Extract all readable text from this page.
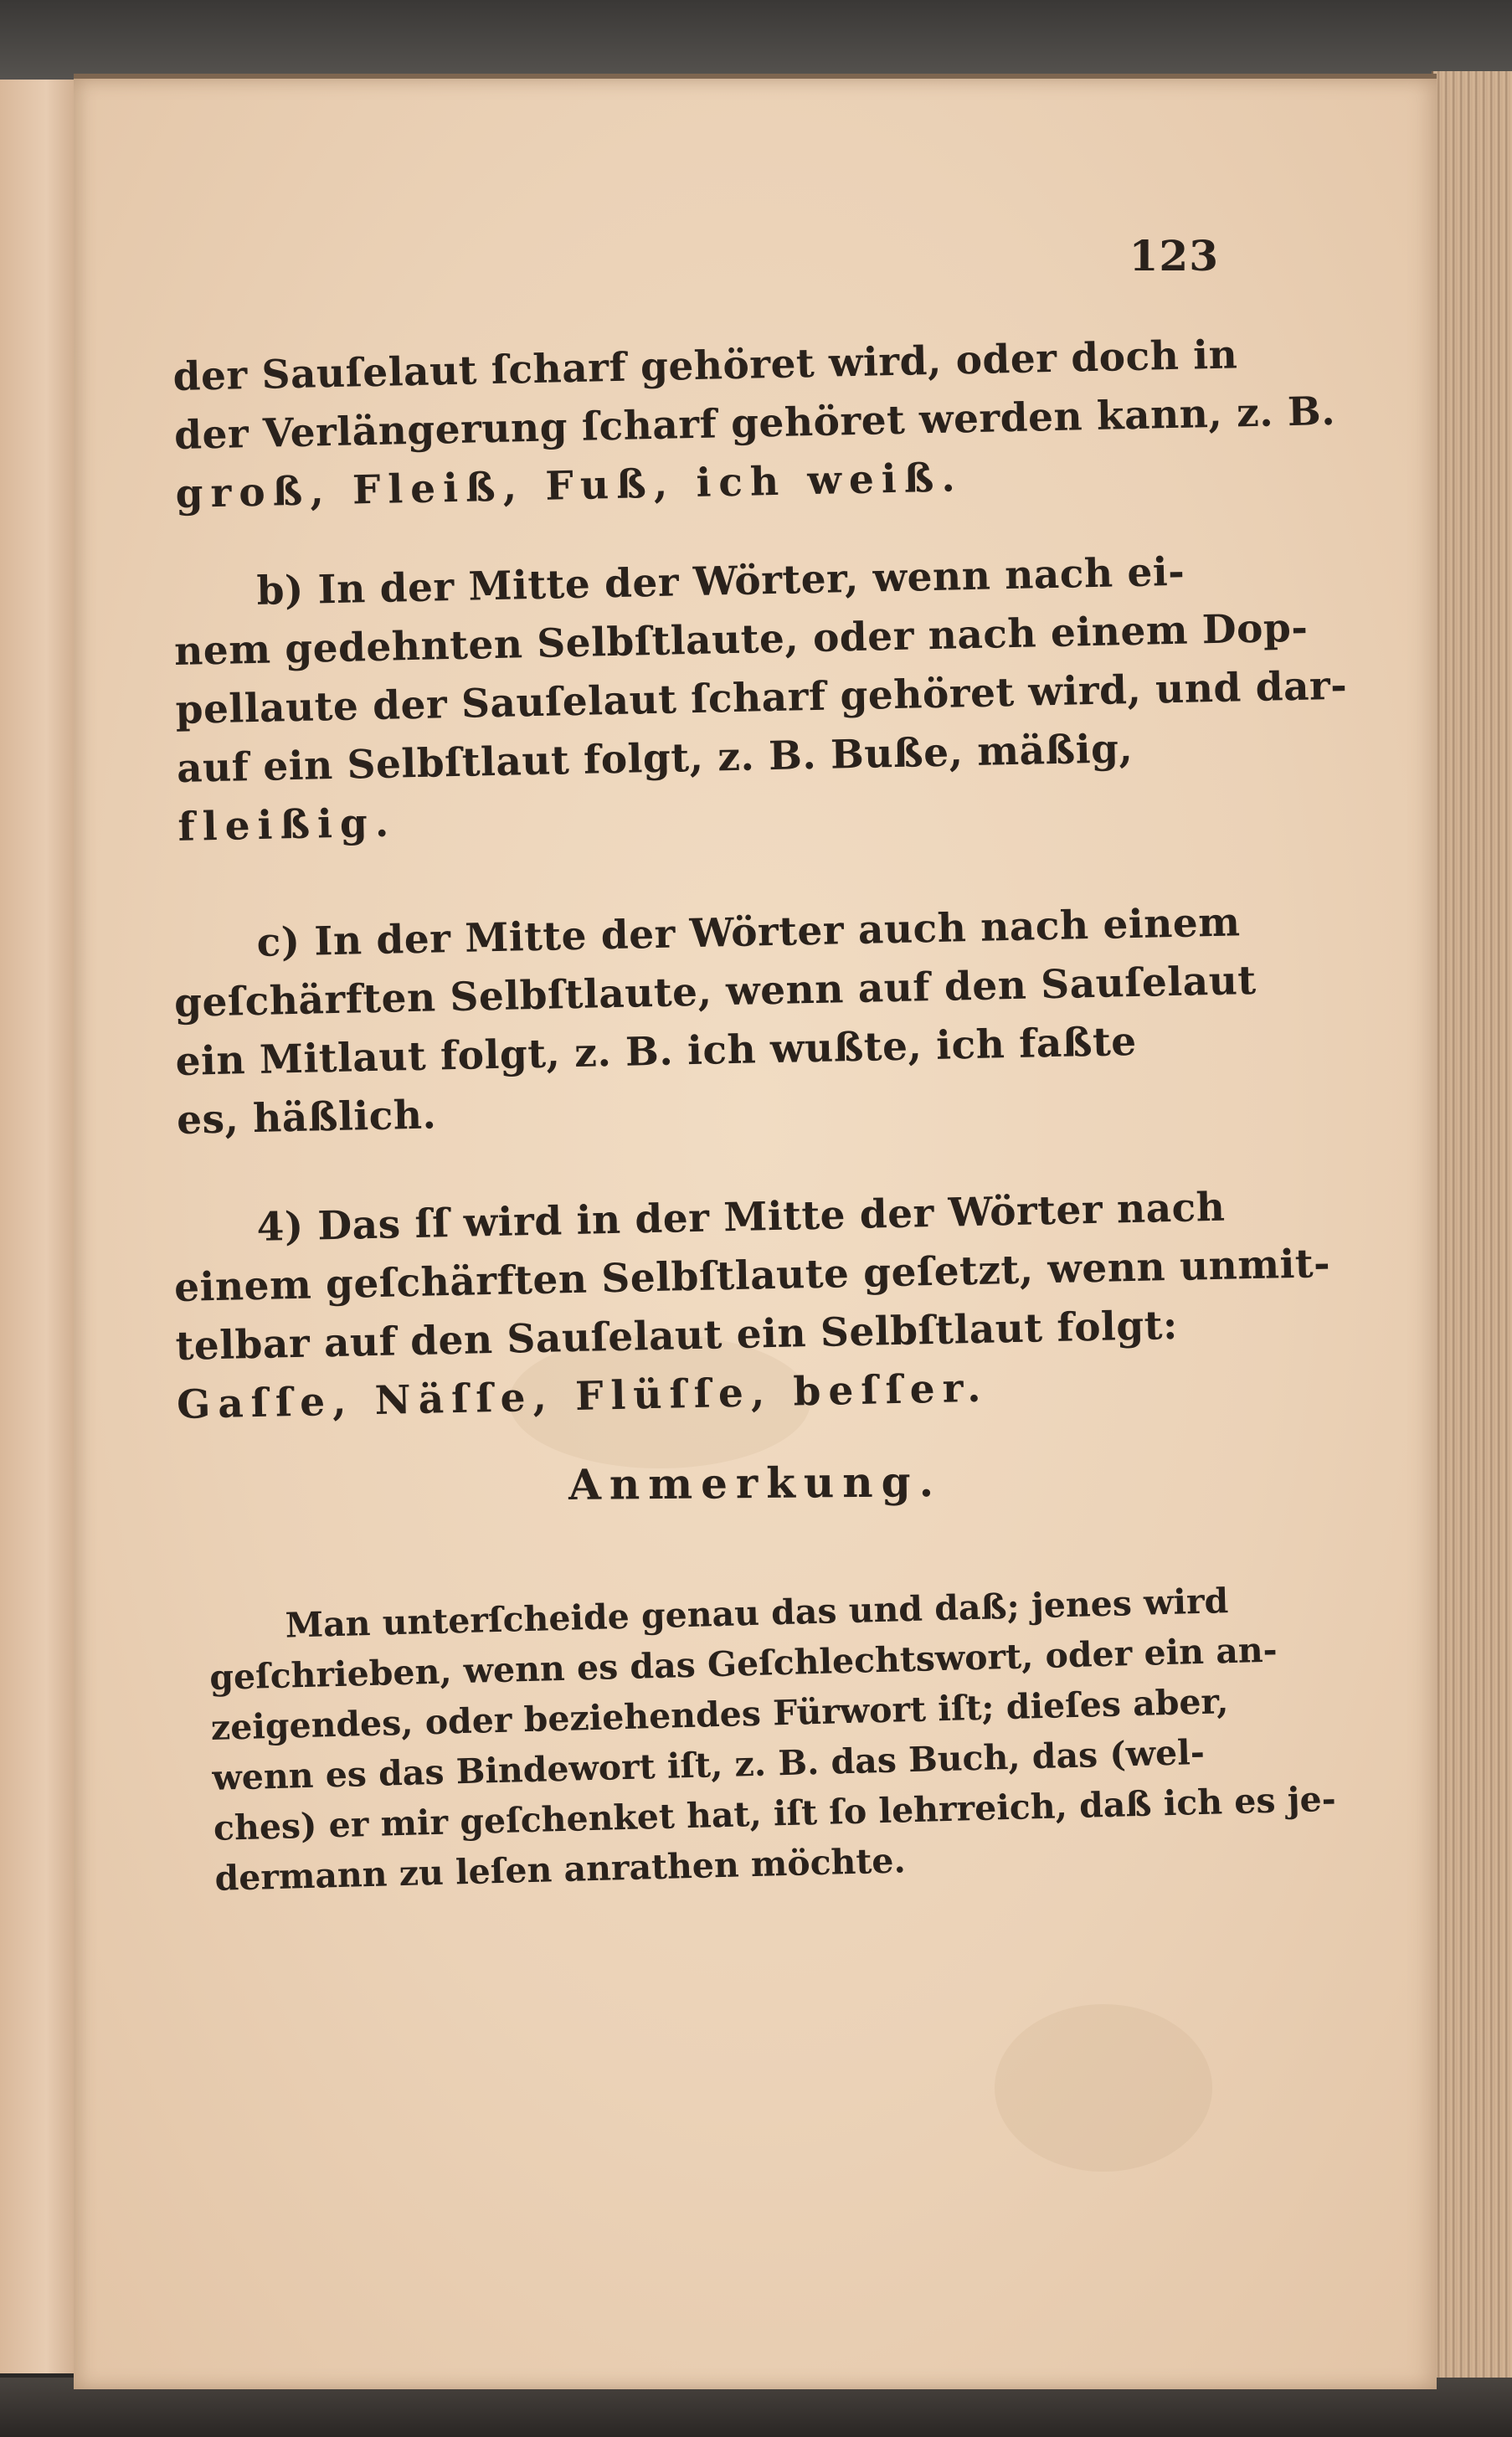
123
der Sauſelaut ſcharf gehöret wird, oder doch in
der Verlängerung ſcharf gehöret werden kann, z. B.
groß, Fleiß, Fuß, ich weiß.
b) In der Mitte der Wörter, wenn nach ei-
nem gedehnten Selbſtlaute, oder nach einem Dop-
pellaute der Sauſelaut ſcharf gehöret wird, und dar-
auf ein Selbſtlaut folgt, z. B. Buße, mäßig,
fleißig.
c) In der Mitte der Wörter auch nach einem
geſchärften Selbſtlaute, wenn auf den Sauſelaut
ein Mitlaut folgt, z. B. ich wußte, ich faßte
es, häßlich.
4) Das ſſ wird in der Mitte der Wörter nach
einem geſchärften Selbſtlaute geſetzt, wenn unmit-
telbar auf den Sauſelaut ein Selbſtlaut folgt:
Gaſſe, Näſſe, Flüſſe, beſſer.
Anmerkung.
Man unterſcheide genau das und daß; jenes wird
geſchrieben, wenn es das Geſchlechtswort, oder ein an-
zeigendes, oder beziehendes Fürwort iſt; dieſes aber,
wenn es das Bindewort iſt, z. B. das Buch, das (wel-
ches) er mir geſchenket hat, iſt ſo lehrreich, daß ich es je-
dermann zu leſen anrathen möchte.
